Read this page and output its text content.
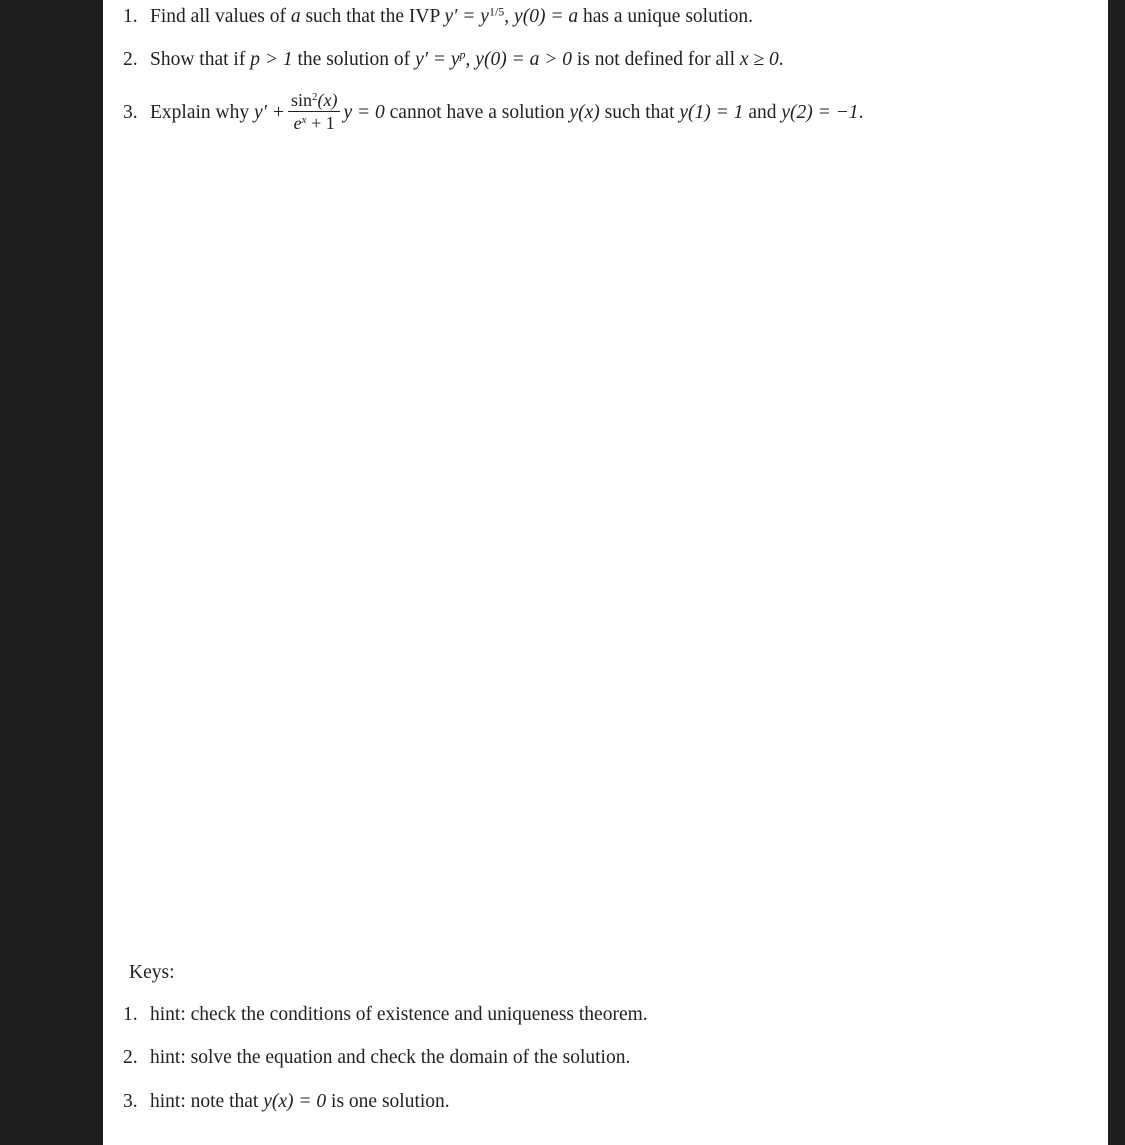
1. Find all values of a such that the IVP $y' = y^{1/5}$, y(0) = a has a unique solution.
2. Show that if p > 1 the solution of $y' = y^p$, y(0) = a > 0 is not defined for all x ≥ 0.
3. Explain why $y' + \frac{\sin^2(x)}{e^x + 1}$ y = 0 cannot have a solution y(x) such that y(1) = 1 and y(2) = −1.
Keys:
1. hint: check the conditions of existence and uniqueness theorem.
2. hint: solve the equation and check the domain of the solution.
3. hint: note that y(x) = 0 is one solution.
